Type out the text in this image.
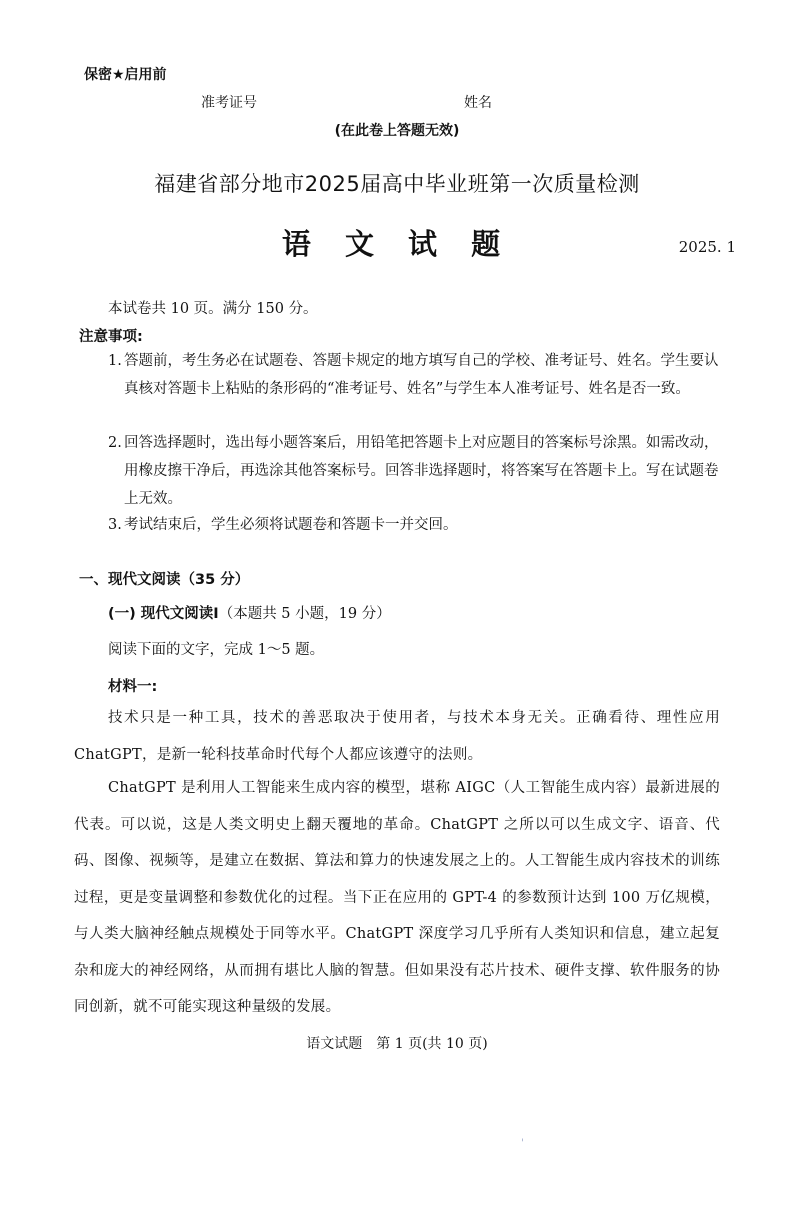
保密★启用前
准考证号	姓名
(在此卷上答题无效)
福建省部分地市2025届高中毕业班第一次质量检测
语 文 试 题	2025. 1
本试卷共 10 页。满分 150 分。
注意事项:
1. 答题前，考生务必在试题卷、答题卡规定的地方填写自己的学校、准考证号、姓名。学生要认真核对答题卡上粘贴的条形码的“准考证号、姓名”与学生本人准考证号、姓名是否一致。
2. 回答选择题时，选出每小题答案后，用铅笔把答题卡上对应题目的答案标号涂黑。如需改动，用橡皮擦干净后，再选涂其他答案标号。回答非选择题时，将答案写在答题卡上。写在试题卷上无效。
3. 考试结束后，学生必须将试题卷和答题卡一并交回。
一、现代文阅读（35 分）
(一) 现代文阅读Ⅰ（本题共 5 小题，19 分）
阅读下面的文字，完成 1～5 题。
材料一:
技术只是一种工具，技术的善恶取决于使用者，与技术本身无关。正确看待、理性应用ChatGPT，是新一轮科技革命时代每个人都应该遵守的法则。
ChatGPT 是利用人工智能来生成内容的模型，堪称 AIGC（人工智能生成内容）最新进展的代表。可以说，这是人类文明史上翻天覆地的革命。ChatGPT 之所以可以生成文字、语音、代码、图像、视频等，是建立在数据、算法和算力的快速发展之上的。人工智能生成内容技术的训练过程，更是变量调整和参数优化的过程。当下正在应用的 GPT-4 的参数预计达到 100 万亿规模，与人类大脑神经触点规模处于同等水平。ChatGPT 深度学习几乎所有人类知识和信息，建立起复杂和庞大的神经网络，从而拥有堪比人脑的智慧。但如果没有芯片技术、硬件支撑、软件服务的协同创新，就不可能实现这种量级的发展。
语文试题　第 1 页(共 10 页)
'
